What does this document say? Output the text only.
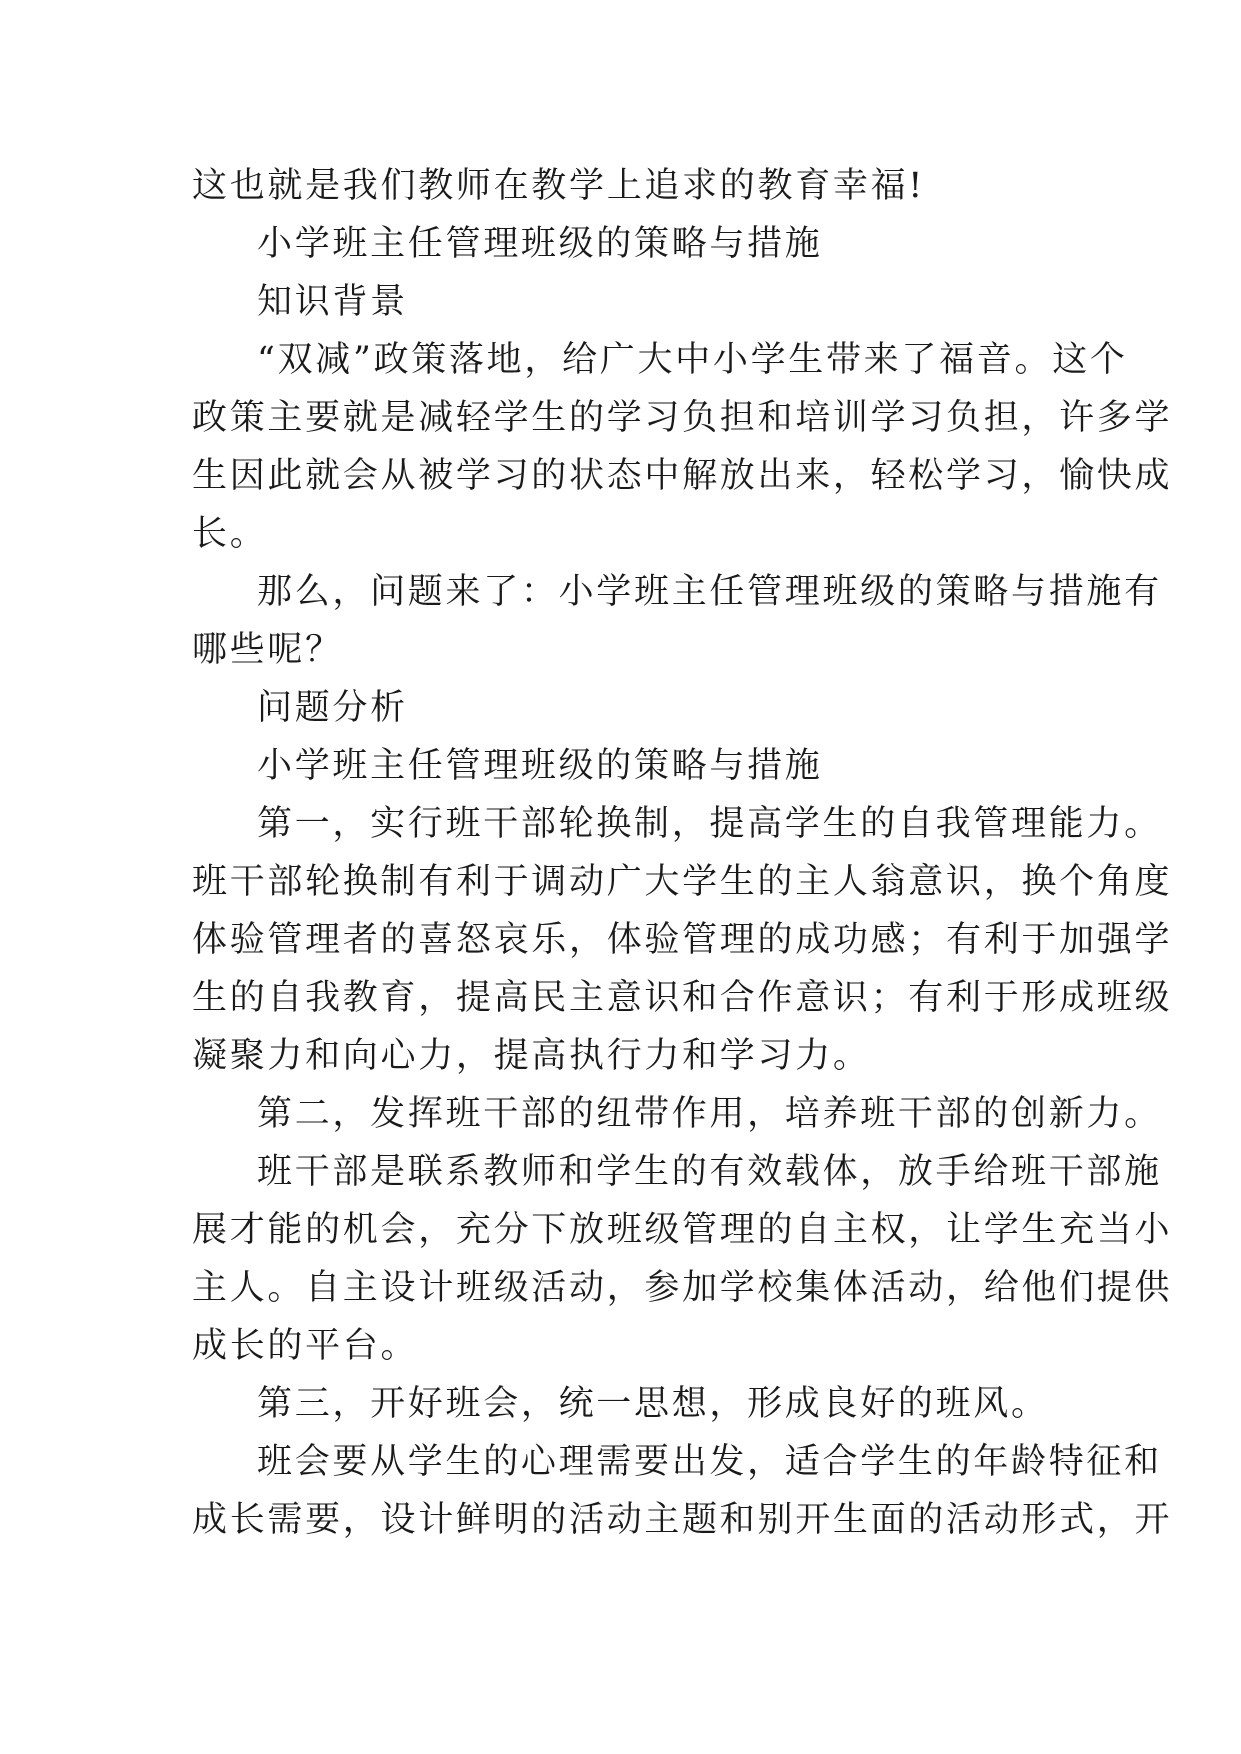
这也就是我们教师在教学上追求的教育幸福!
小学班主任管理班级的策略与措施
知识背景
“双减”政策落地，给广大中小学生带来了福音。这个
政策主要就是减轻学生的学习负担和培训学习负担，许多学
生因此就会从被学习的状态中解放出来，轻松学习，愉快成
长。
那么，问题来了：小学班主任管理班级的策略与措施有
哪些呢？
问题分析
小学班主任管理班级的策略与措施
第一，实行班干部轮换制，提高学生的自我管理能力。
班干部轮换制有利于调动广大学生的主人翁意识，换个角度
体验管理者的喜怒哀乐，体验管理的成功感；有利于加强学
生的自我教育，提高民主意识和合作意识；有利于形成班级
凝聚力和向心力，提高执行力和学习力。
第二，发挥班干部的纽带作用，培养班干部的创新力。
班干部是联系教师和学生的有效载体，放手给班干部施
展才能的机会，充分下放班级管理的自主权，让学生充当小
主人。自主设计班级活动，参加学校集体活动，给他们提供
成长的平台。
第三，开好班会，统一思想，形成良好的班风。
班会要从学生的心理需要出发，适合学生的年龄特征和
成长需要，设计鲜明的活动主题和别开生面的活动形式，开
